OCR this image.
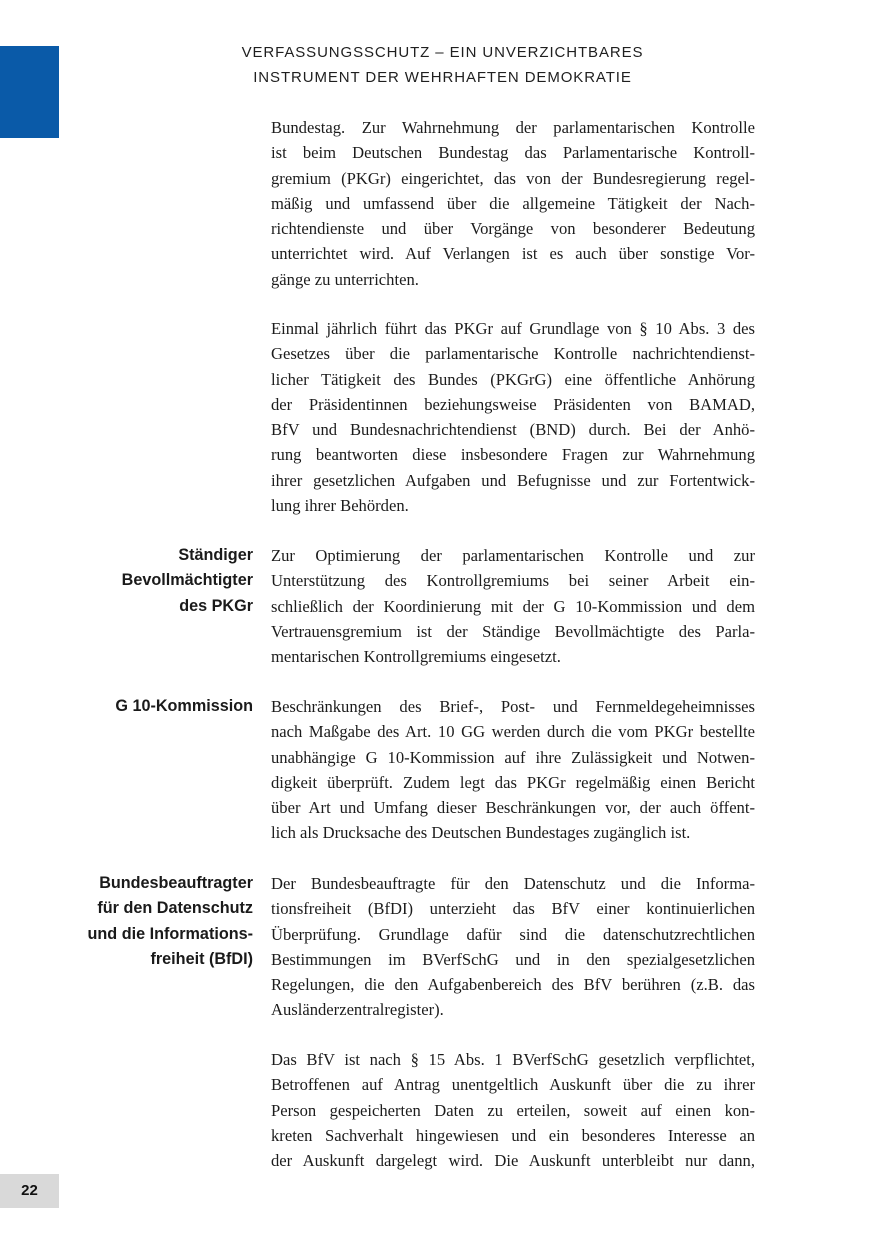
VERFASSUNGSSCHUTZ – EIN UNVERZICHTBARES
INSTRUMENT DER WEHRHAFTEN DEMOKRATIE
Bundestag. Zur Wahrnehmung der parlamentarischen Kontrolle
ist beim Deutschen Bundestag das Parlamentarische Kontroll-
gremium (PKGr) eingerichtet, das von der Bundesregierung regel-
mäßig und umfassend über die allgemeine Tätigkeit der Nach-
richtendienste und über Vorgänge von besonderer Bedeutung
unterrichtet wird. Auf Verlangen ist es auch über sonstige Vor-
gänge zu unterrichten.
Einmal jährlich führt das PKGr auf Grundlage von § 10 Abs. 3 des
Gesetzes über die parlamentarische Kontrolle nachrichtendienst-
licher Tätigkeit des Bundes (PKGrG) eine öffentliche Anhörung
der Präsidentinnen beziehungsweise Präsidenten von BAMAD,
BfV und Bundesnachrichtendienst (BND) durch. Bei der Anhö-
rung beantworten diese insbesondere Fragen zur Wahrnehmung
ihrer gesetzlichen Aufgaben und Befugnisse und zur Fortentwick-
lung ihrer Behörden.
Ständiger
Bevollmächtigter
des PKGr
Zur Optimierung der parlamentarischen Kontrolle und zur
Unterstützung des Kontrollgremiums bei seiner Arbeit ein-
schließlich der Koordinierung mit der G 10-Kommission und dem
Vertrauensgremium ist der Ständige Bevollmächtigte des Parla-
mentarischen Kontrollgremiums eingesetzt.
G 10-Kommission Beschränkungen des Brief-, Post- und Fernmeldegeheimnisses
nach Maßgabe des Art. 10 GG werden durch die vom PKGr bestellte
unabhängige G 10-Kommission auf ihre Zulässigkeit und Notwen-
digkeit überprüft. Zudem legt das PKGr regelmäßig einen Bericht
über Art und Umfang dieser Beschränkungen vor, der auch öffent-
lich als Drucksache des Deutschen Bundestages zugänglich ist.
Bundesbeauftragter
für den Datenschutz
und die Informations-
freiheit (BfDI)
Der Bundesbeauftragte für den Datenschutz und die Informa-
tionsfreiheit (BfDI) unterzieht das BfV einer kontinuierlichen
Überprüfung. Grundlage dafür sind die datenschutzrechtlichen
Bestimmungen im BVerfSchG und in den spezialgesetzlichen
Regelungen, die den Aufgabenbereich des BfV berühren (z.B. das
Ausländerzentralregister).
Das BfV ist nach § 15 Abs. 1 BVerfSchG gesetzlich verpflichtet,
Betroffenen auf Antrag unentgeltlich Auskunft über die zu ihrer
Person gespeicherten Daten zu erteilen, soweit auf einen kon-
kreten Sachverhalt hingewiesen und ein besonderes Interesse an
der Auskunft dargelegt wird. Die Auskunft unterbleibt nur dann,
22
